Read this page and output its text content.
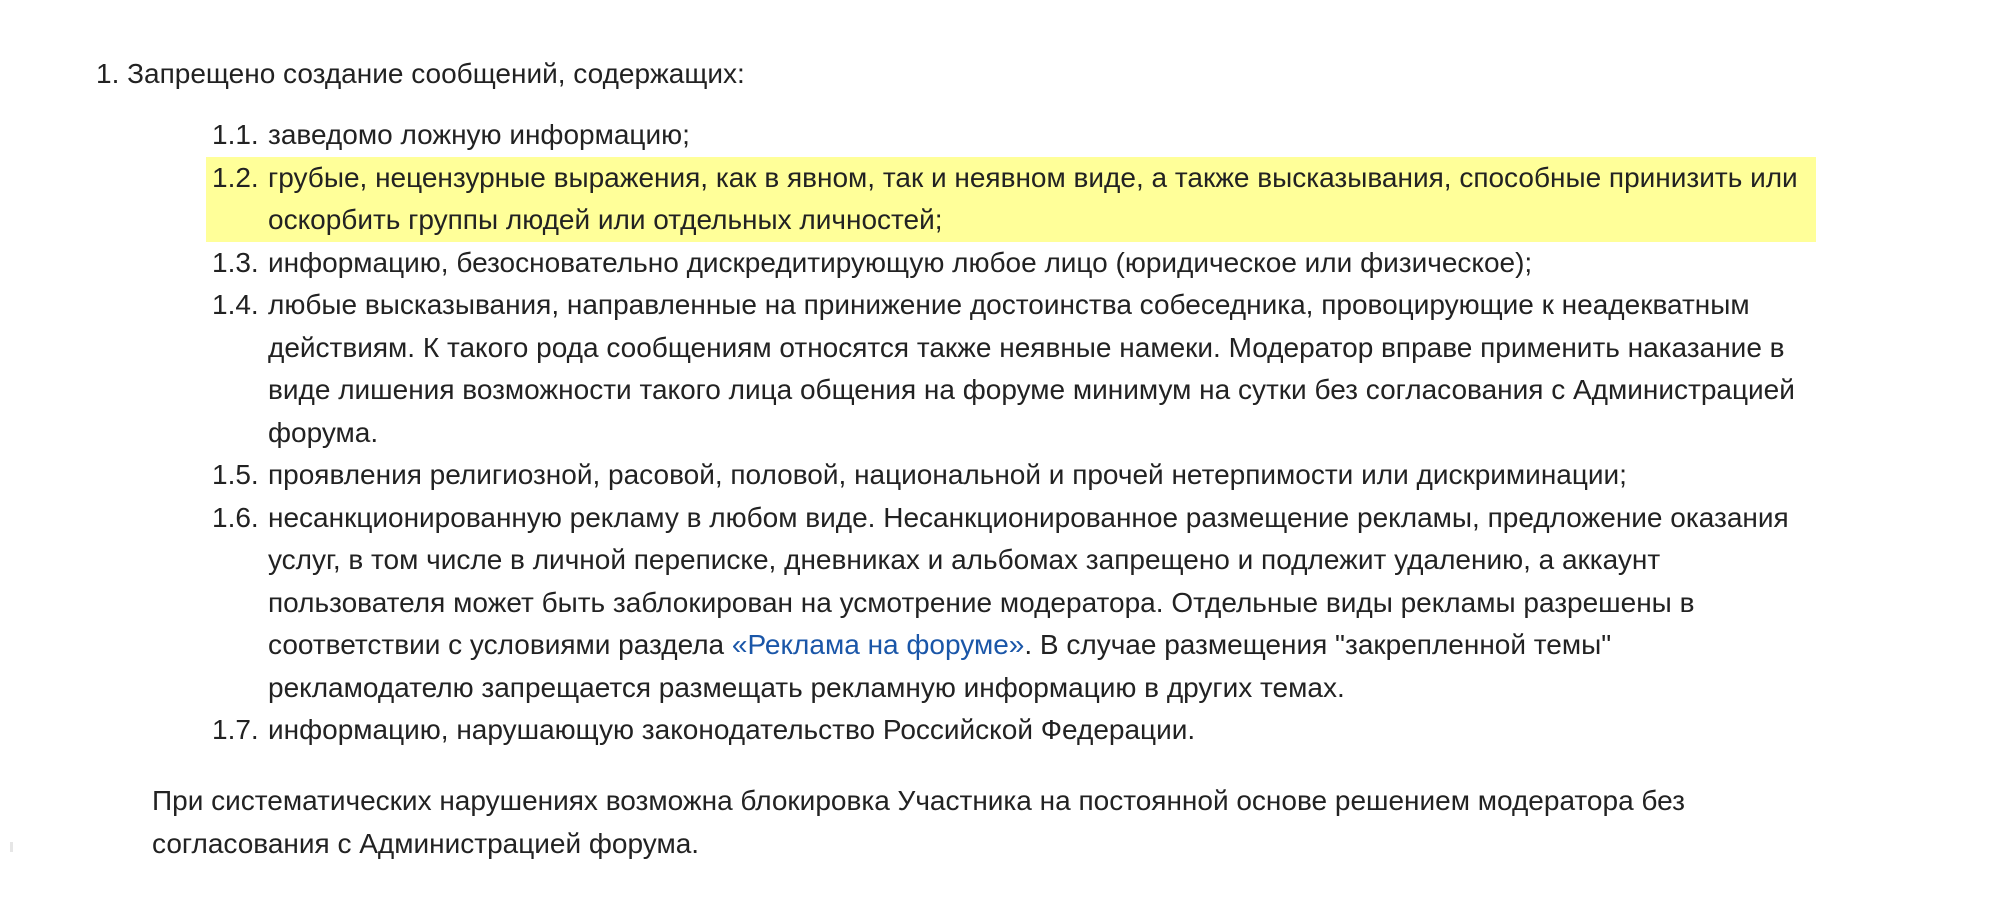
1. Запрещено создание сообщений, содержащих:
1.1. заведомо ложную информацию;
1.2. грубые, нецензурные выражения, как в явном, так и неявном виде, а также высказывания, способные принизить или оскорбить группы людей или отдельных личностей;
1.3. информацию, безосновательно дискредитирующую любое лицо (юридическое или физическое);
1.4. любые высказывания, направленные на принижение достоинства собеседника, провоцирующие к неадекватным действиям. К такого рода сообщениям относятся также неявные намеки. Модератор вправе применить наказание в виде лишения возможности такого лица общения на форуме минимум на сутки без согласования с Администрацией форума.
1.5. проявления религиозной, расовой, половой, национальной и прочей нетерпимости или дискриминации;
1.6. несанкционированную рекламу в любом виде. Несанкционированное размещение рекламы, предложение оказания услуг, в том числе в личной переписке, дневниках и альбомах запрещено и подлежит удалению, а аккаунт пользователя может быть заблокирован на усмотрение модератора. Отдельные виды рекламы разрешены в соответствии с условиями раздела «Реклама на форуме». В случае размещения "закрепленной темы" рекламодателю запрещается размещать рекламную информацию в других темах.
1.7. информацию, нарушающую законодательство Российской Федерации.
При систематических нарушениях возможна блокировка Участника на постоянной основе решением модератора без согласования с Администрацией форума.
